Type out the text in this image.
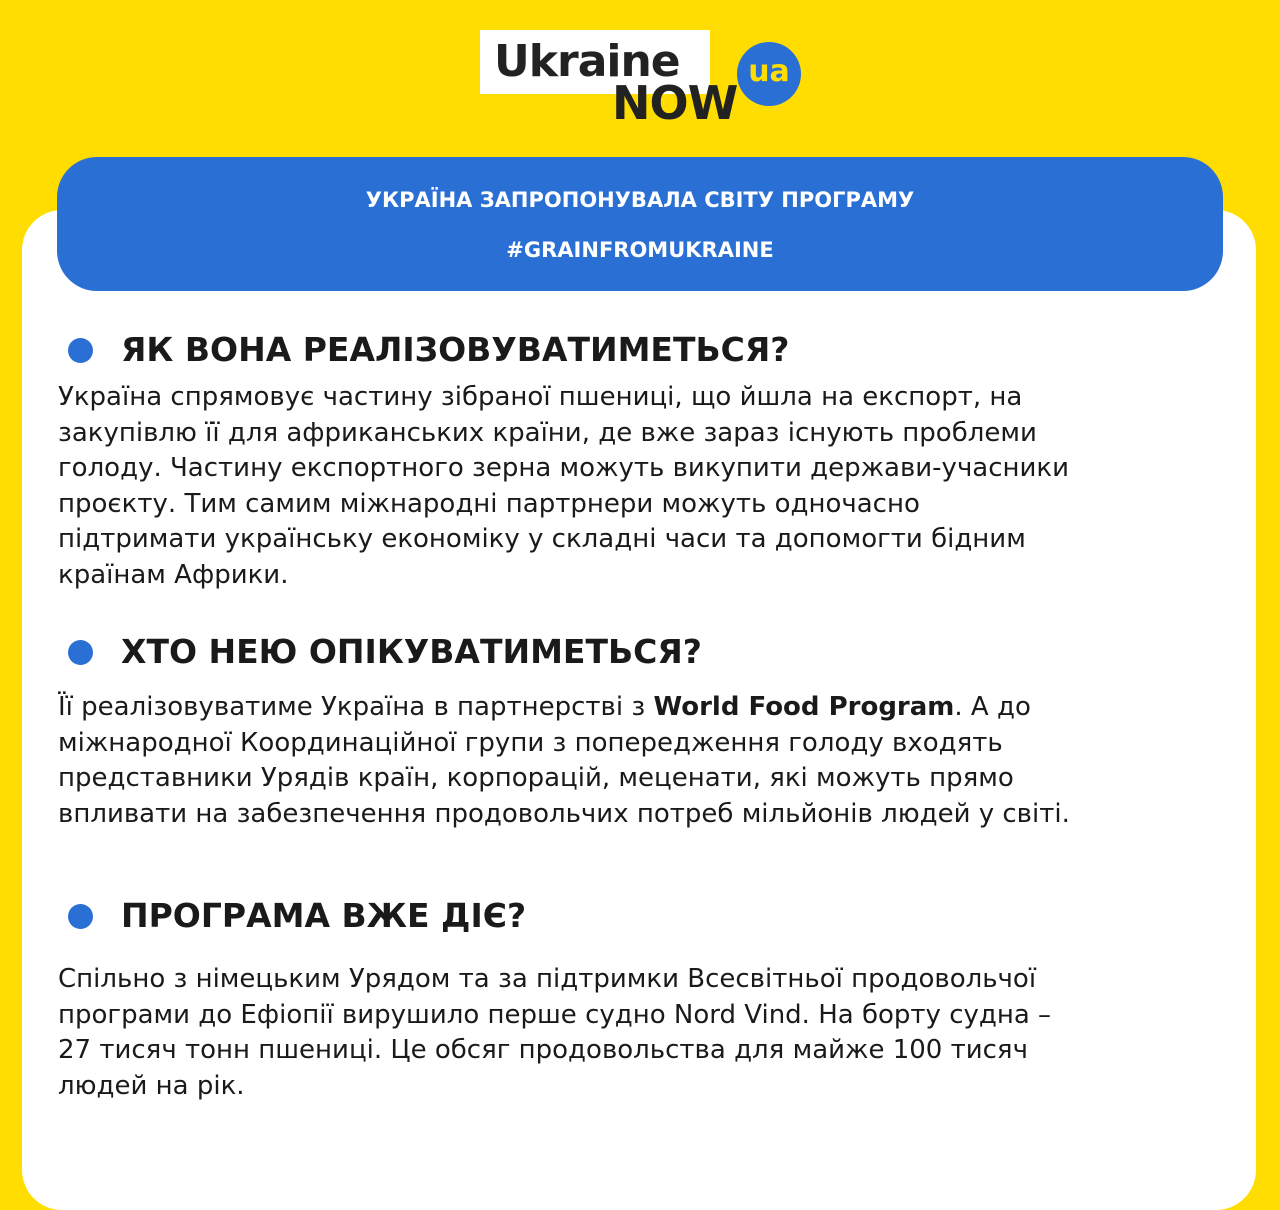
Ukraine
NOW
ua
УКРАЇНА ЗАПРОПОНУВАЛА СВІТУ ПРОГРАМУ
#GRAINFROMUKRAINE
ЯК ВОНА РЕАЛІЗОВУВАТИМЕТЬСЯ?
Україна спрямовує частину зібраної пшениці, що йшла на експорт, на
закупівлю її для африканських країни, де вже зараз існують проблеми
голоду. Частину експортного зерна можуть викупити держави-учасники
проєкту. Тим самим міжнародні партрнери можуть одночасно
підтримати українську економіку у складні часи та допомогти бідним
країнам Африки.
ХТО НЕЮ ОПІКУВАТИМЕТЬСЯ?
Її реалізовуватиме Україна в партнерстві з World Food Program. А до
міжнародної Координаційної групи з попередження голоду входять
представники Урядів країн, корпорацій, меценати, які можуть прямо
впливати на забезпечення продовольчих потреб мільйонів людей у світі.
ПРОГРАМА ВЖЕ ДІЄ?
Спільно з німецьким Урядом та за підтримки Всесвітньої продовольчої
програми до Ефіопії вирушило перше судно Nord Vind. На борту судна –
27 тисяч тонн пшениці. Це обсяг продовольства для майже 100 тисяч
людей на рік.
